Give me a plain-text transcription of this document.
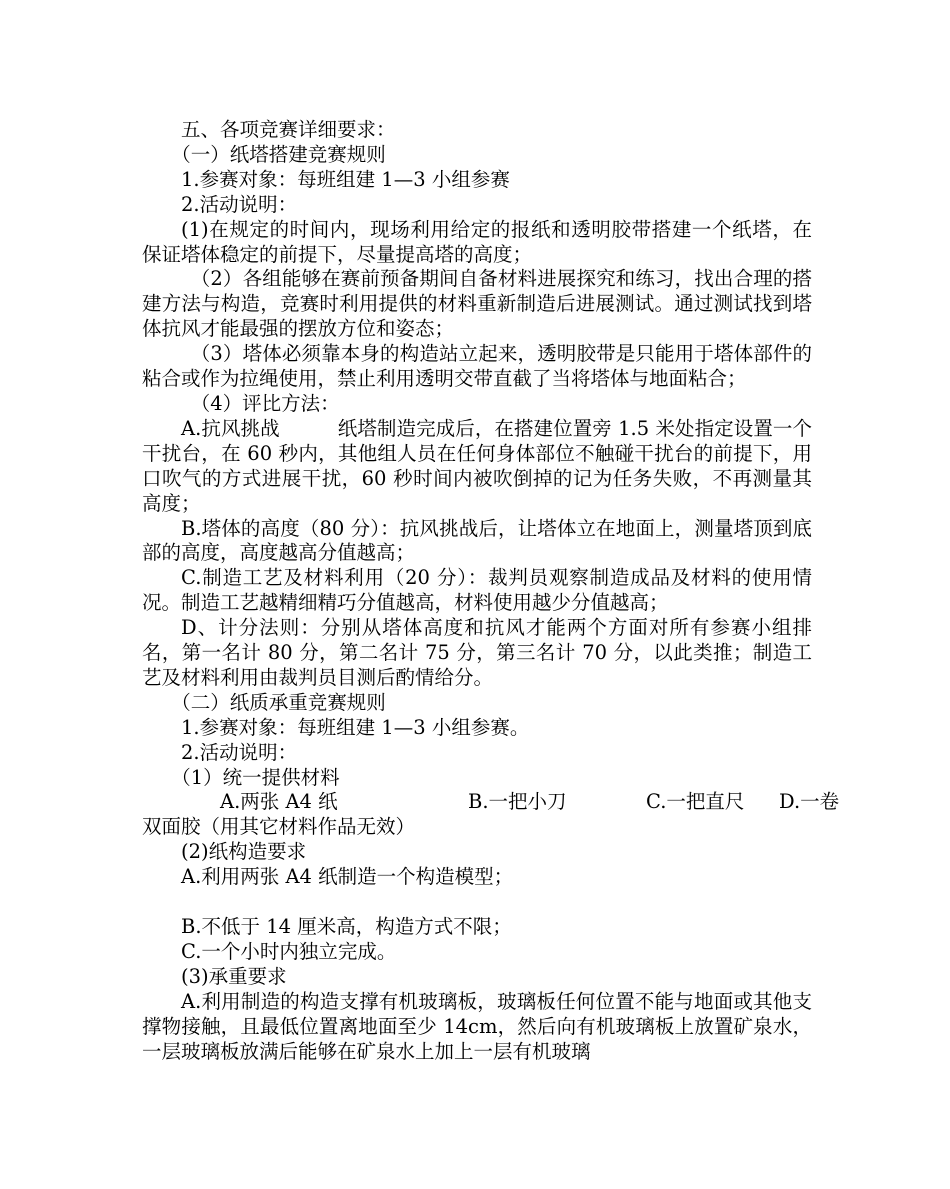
五、各项竞赛详细要求：

（一）纸塔搭建竞赛规则

1.参赛对象：每班组建 1—3 小组参赛

2.活动说明：

(1)在规定的时间内，现场利用给定的报纸和透明胶带搭建一个纸塔，在保证塔体稳定的前提下，尽量提高塔的高度；

（2）各组能够在赛前预备期间自备材料进展探究和练习，找出合理的搭建方法与构造，竞赛时利用提供的材料重新制造后进展测试。通过测试找到塔体抗风才能最强的摆放方位和姿态；

（3）塔体必须靠本身的构造站立起来，透明胶带是只能用于塔体部件的粘合或作为拉绳使用，禁止利用透明交带直截了当将塔体与地面粘合；

（4）评比方法：

A.抗风挑战	纸塔制造完成后，在搭建位置旁 1.5 米处指定设置一个干扰台，在 60 秒内，其他组人员在任何身体部位不触碰干扰台的前提下，用口吹气的方式进展干扰，60 秒时间内被吹倒掉的记为任务失败，不再测量其高度；

B.塔体的高度（80 分）：抗风挑战后，让塔体立在地面上，测量塔顶到底部的高度，高度越高分值越高；

C.制造工艺及材料利用（20 分）：裁判员观察制造成品及材料的使用情况。制造工艺越精细精巧分值越高，材料使用越少分值越高；

D、计分法则：分别从塔体高度和抗风才能两个方面对所有参赛小组排名，第一名计 80 分，第二名计 75 分，第三名计 70 分，以此类推；制造工艺及材料利用由裁判员目测后酌情给分。

（二）纸质承重竞赛规则

1.参赛对象：每班组建 1—3 小组参赛。

2.活动说明：

（1）统一提供材料

A.两张 A4 纸	B.一把小刀	C.一把直尺 D.一卷

双面胶（用其它材料作品无效）

(2)纸构造要求

A.利用两张 A4 纸制造一个构造模型；

B.不低于 14 厘米高，构造方式不限；

C.一个小时内独立完成。

(3)承重要求

A.利用制造的构造支撑有机玻璃板，玻璃板任何位置不能与地面或其他支撑物接触，且最低位置离地面至少 14cm，然后向有机玻璃板上放置矿泉水，一层玻璃板放满后能够在矿泉水上加上一层有机玻璃
